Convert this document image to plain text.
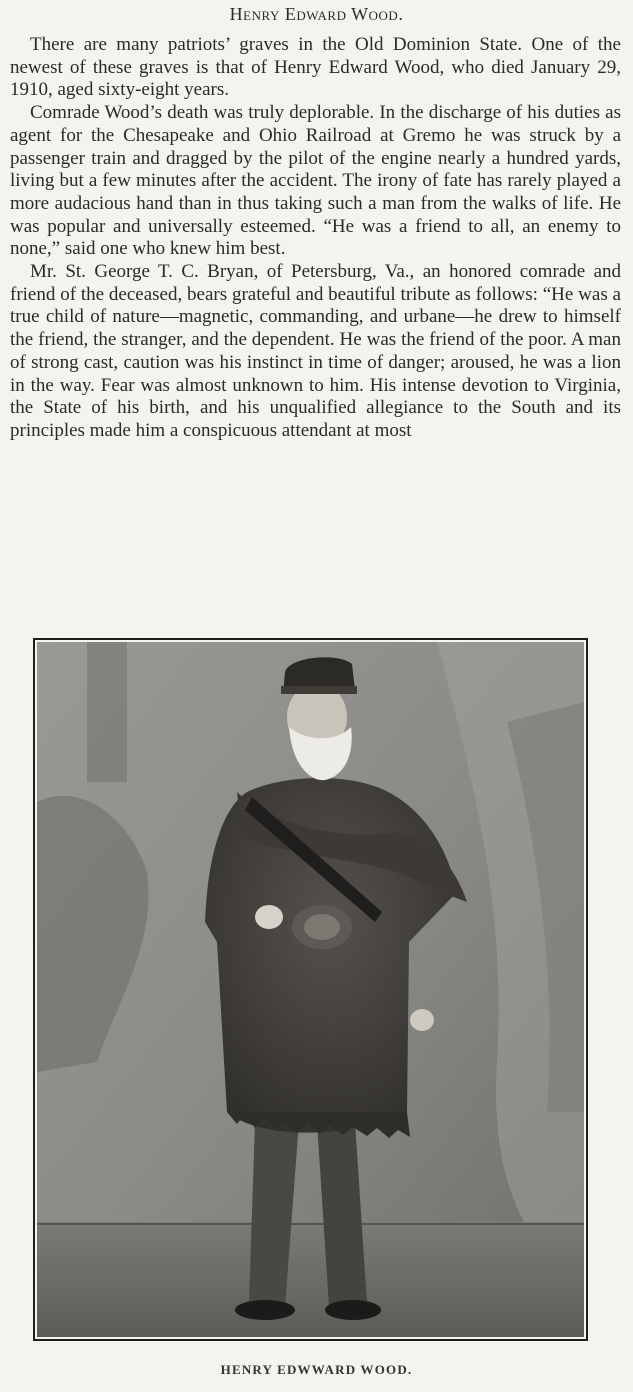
Henry Edward Wood.

There are many patriots’ graves in the Old Dominion State. One of the newest of these graves is that of Henry Edward Wood, who died January 29, 1910, aged sixty-eight years.

Comrade Wood’s death was truly deplorable. In the discharge of his duties as agent for the Chesapeake and Ohio Railroad at Gremo he was struck by a passenger train and dragged by the pilot of the engine nearly a hundred yards, living but a few minutes after the accident. The irony of fate has rarely played a more audacious hand than in thus taking such a man from the walks of life. He was popular and universally esteemed. “He was a friend to all, an enemy to none,” said one who knew him best.

Mr. St. George T. C. Bryan, of Petersburg, Va., an honored comrade and friend of the deceased, bears grateful and beautiful tribute as follows: “He was a true child of nature—magnetic, commanding, and urbane—he drew to himself the friend, the stranger, and the dependent. He was the friend of the poor. A man of strong cast, caution was his instinct in time of danger; aroused, he was a lion in the way. Fear was almost unknown to him. His intense devotion to Virginia, the State of his birth, and his unqualified allegiance to the South and its principles made him a conspicuous attendant at most

HENRY EDWWARD WOOD.
